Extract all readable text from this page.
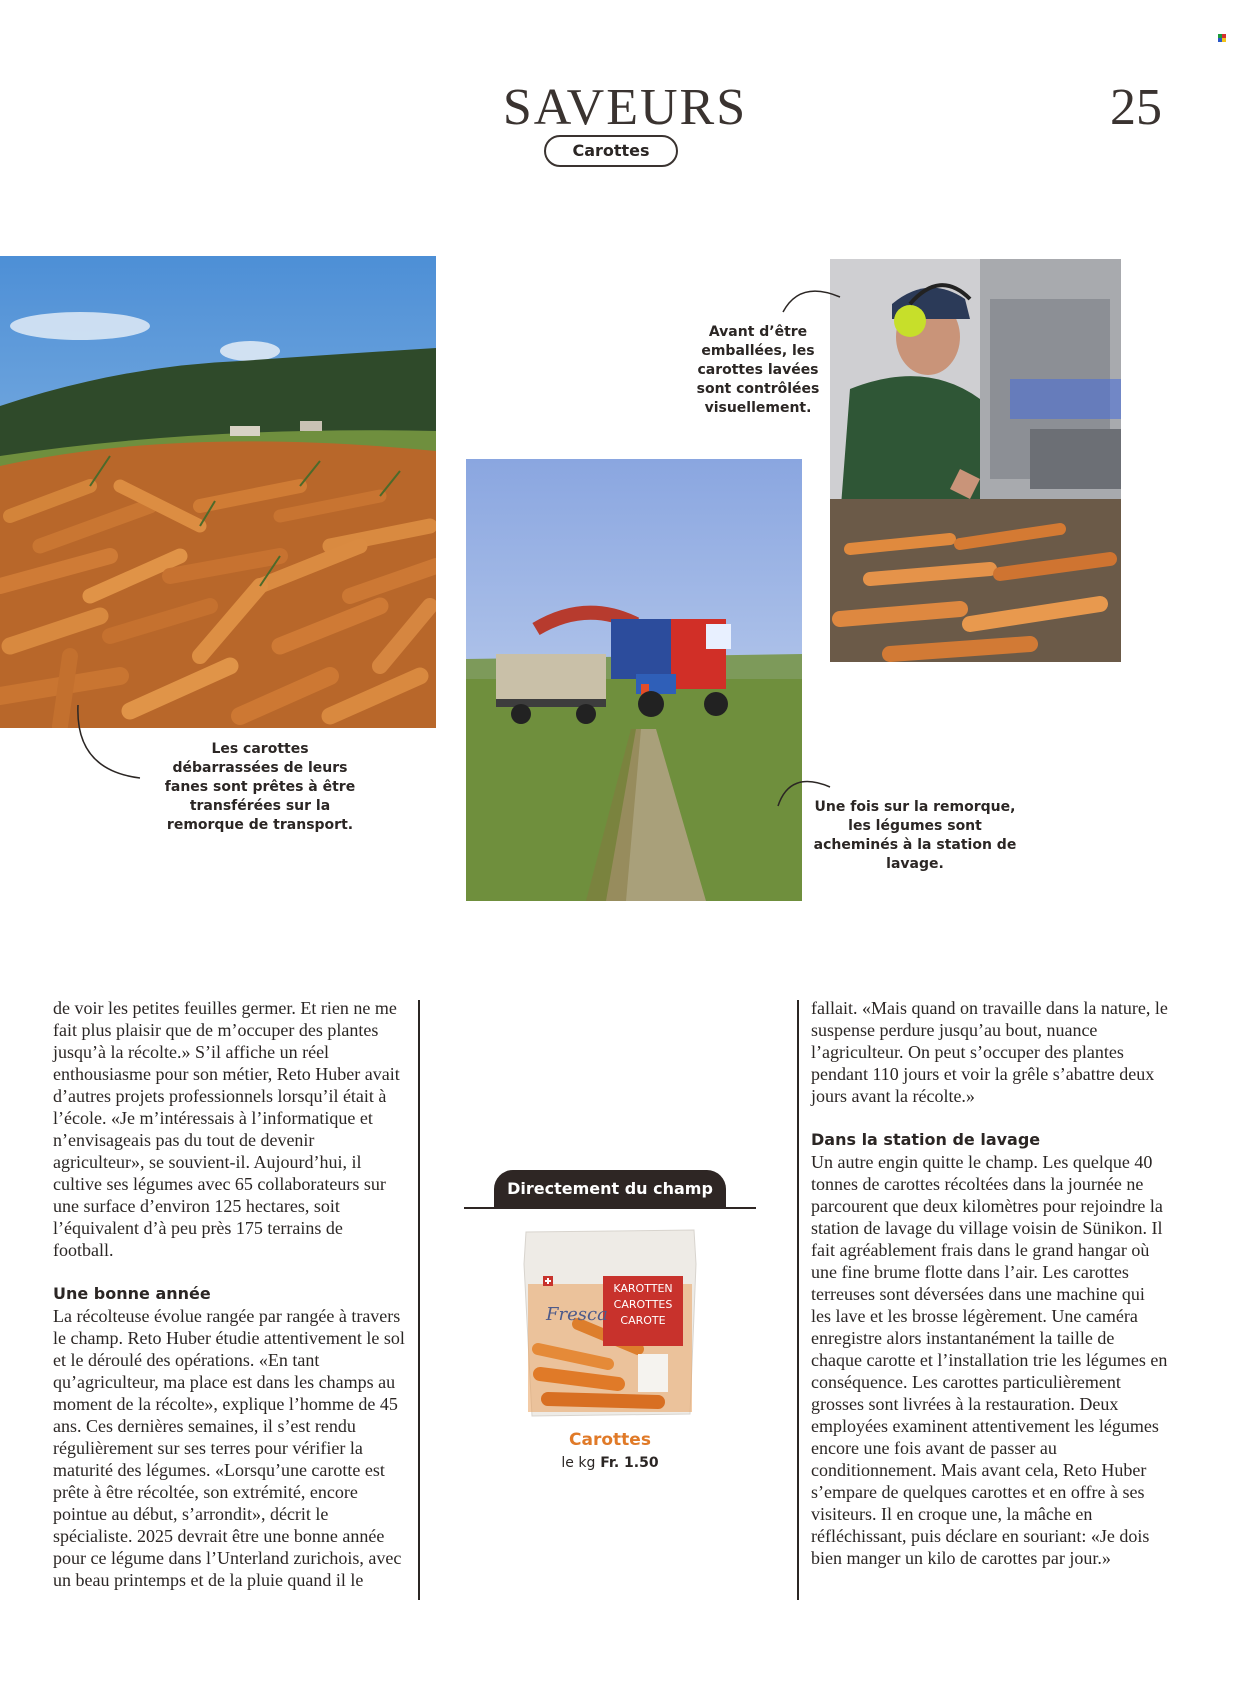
SAVEURS	25
Carottes
Les carottes débarrassées de leurs fanes sont prêtes à être transférées sur la remorque de transport.
Avant d’être emballées, les carottes lavées sont contrôlées visuellement.
Une fois sur la remorque, les légumes sont acheminés à la station de lavage.

de voir les petites feuilles germer. Et rien ne me fait plus plaisir que de m’occuper des plantes jusqu’à la récolte.» S’il affiche un réel enthousiasme pour son métier, Reto Huber avait d’autres projets professionnels lorsqu’il était à l’école. «Je m’intéressais à l’informatique et n’envisageais pas du tout de devenir agriculteur», se souvient-il. Aujourd’hui, il cultive ses légumes avec 65 collaborateurs sur une surface d’environ 125 hectares, soit l’équivalent d’à peu près 175 terrains de football.

Une bonne année

La récolteuse évolue rangée par rangée à travers le champ. Reto Huber étudie attentivement le sol et le déroulé des opérations. «En tant qu’agriculteur, ma place est dans les champs au moment de la récolte», explique l’homme de 45 ans. Ces dernières semaines, il s’est rendu régulièrement sur ses terres pour vérifier la maturité des légumes. «Lorsqu’une carotte est prête à être récoltée, son extrémité, encore pointue au début, s’arrondit», décrit le spécialiste. 2025 devrait être une bonne année pour ce légume dans l’Unterland zurichois, avec un beau printemps et de la pluie quand il le

fallait. «Mais quand on travaille dans la nature, le suspense perdure jusqu’au bout, nuance l’agriculteur. On peut s’occuper des plantes pendant 110 jours et voir la grêle s’abattre deux jours avant la récolte.»

Dans la station de lavage

Un autre engin quitte le champ. Les quelque 40 tonnes de carottes récoltées dans la journée ne parcourent que deux kilomètres pour rejoindre la station de lavage du village voisin de Sünikon. Il fait agréablement frais dans le grand hangar où une fine brume flotte dans l’air. Les carottes terreuses sont déversées dans une machine qui les lave et les brosse légèrement. Une caméra enregistre alors instantanément la taille de chaque carotte et l’installation trie les légumes en conséquence. Les carottes particulièrement grosses sont livrées à la restauration. Deux employées examinent attentivement les légumes encore une fois avant de passer au conditionnement. Mais avant cela, Reto Huber s’empare de quelques carottes et en offre à ses visiteurs. Il en croque une, la mâche en réfléchissant, puis déclare en souriant: «Je dois bien manger un kilo de carottes par jour.»

Directement du champ
Fresca
KAROTTEN
CAROTTES
CAROTE
Carottes
le kg Fr. 1.50
